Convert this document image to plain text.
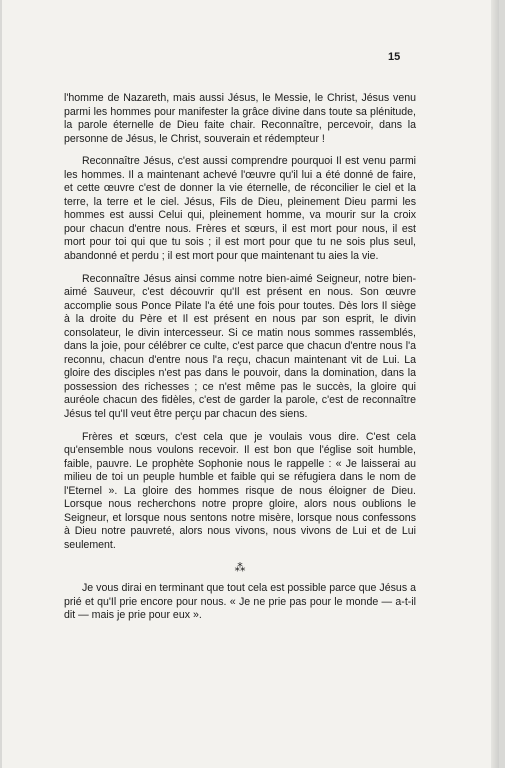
15

l'homme de Nazareth, mais aussi Jésus, le Messie, le Christ, Jésus venu parmi les hommes pour manifester la grâce divine dans toute sa plénitude, la parole éternelle de Dieu faite chair. Reconnaître, percevoir, dans la personne de Jésus, le Christ, souverain et rédempteur !

Reconnaître Jésus, c'est aussi comprendre pourquoi Il est venu parmi les hommes. Il a maintenant achevé l'œuvre qu'il lui a été donné de faire, et cette œuvre c'est de donner la vie éternelle, de réconcilier le ciel et la terre, la terre et le ciel. Jésus, Fils de Dieu, pleinement Dieu parmi les hommes est aussi Celui qui, pleinement homme, va mourir sur la croix pour chacun d'entre nous. Frères et sœurs, il est mort pour nous, il est mort pour toi qui que tu sois ; il est mort pour que tu ne sois plus seul, abandonné et perdu ; il est mort pour que maintenant tu aies la vie.

Reconnaître Jésus ainsi comme notre bien-aimé Seigneur, notre bien-aimé Sauveur, c'est découvrir qu'Il est présent en nous. Son œuvre accomplie sous Ponce Pilate l'a été une fois pour toutes. Dès lors Il siège à la droite du Père et Il est présent en nous par son esprit, le divin consolateur, le divin intercesseur. Si ce matin nous sommes rassemblés, dans la joie, pour célébrer ce culte, c'est parce que chacun d'entre nous l'a reconnu, chacun d'entre nous l'a reçu, chacun maintenant vit de Lui. La gloire des disciples n'est pas dans le pouvoir, dans la domination, dans la possession des richesses ; ce n'est même pas le succès, la gloire qui auréole chacun des fidèles, c'est de garder la parole, c'est de reconnaître Jésus tel qu'Il veut être perçu par chacun des siens.

Frères et sœurs, c'est cela que je voulais vous dire. C'est cela qu'ensemble nous voulons recevoir. Il est bon que l'église soit humble, faible, pauvre. Le prophète Sophonie nous le rappelle : « Je laisserai au milieu de toi un peuple humble et faible qui se réfugiera dans le nom de l'Eternel ». La gloire des hommes risque de nous éloigner de Dieu. Lorsque nous recherchons notre propre gloire, alors nous oublions le Seigneur, et lorsque nous sentons notre misère, lorsque nous confessons à Dieu notre pauvreté, alors nous vivons, nous vivons de Lui et de Lui seulement.

⁂

Je vous dirai en terminant que tout cela est possible parce que Jésus a prié et qu'Il prie encore pour nous. « Je ne prie pas pour le monde — a-t-il dit — mais je prie pour eux ».
